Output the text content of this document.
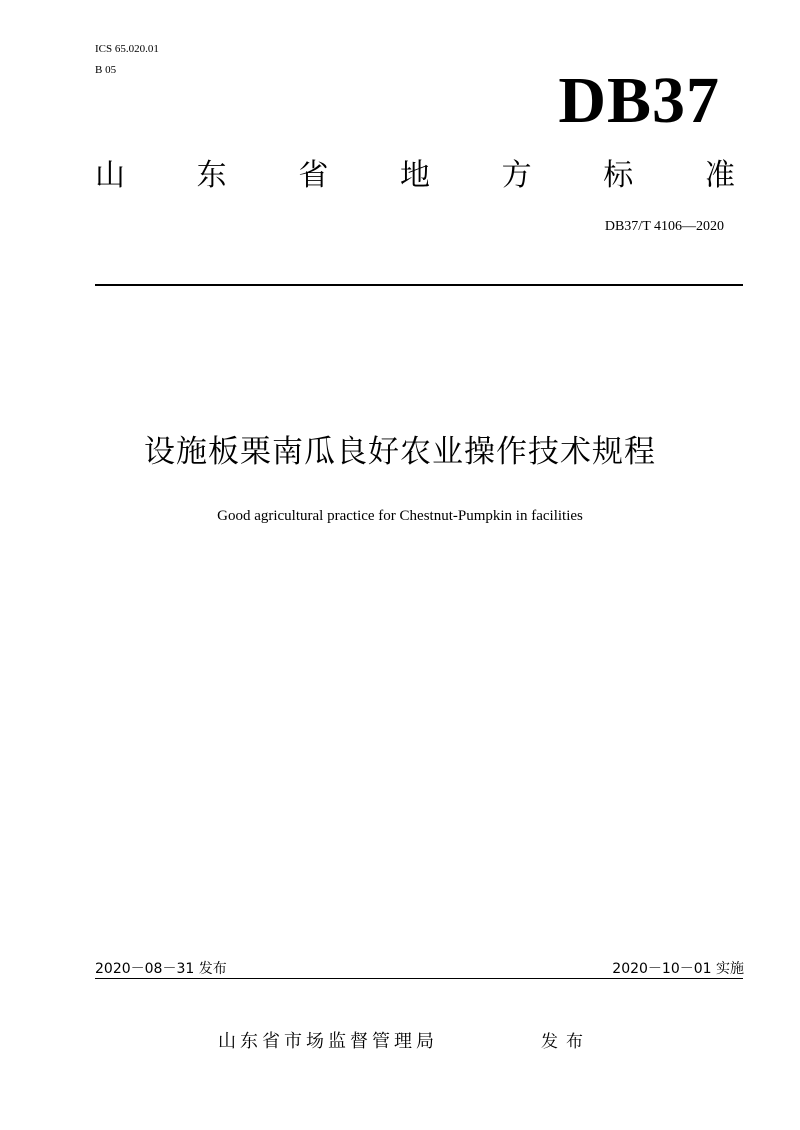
ICS 65.020.01
B 05	DB37
山 东 省 地 方 标 准
DB37/T 4106—2020
设施板栗南瓜良好农业操作技术规程
Good agricultural practice for Chestnut-Pumpkin in facilities
2020－08－31 发布	2020－10－01 实施
山东省市场监督管理局	发布
